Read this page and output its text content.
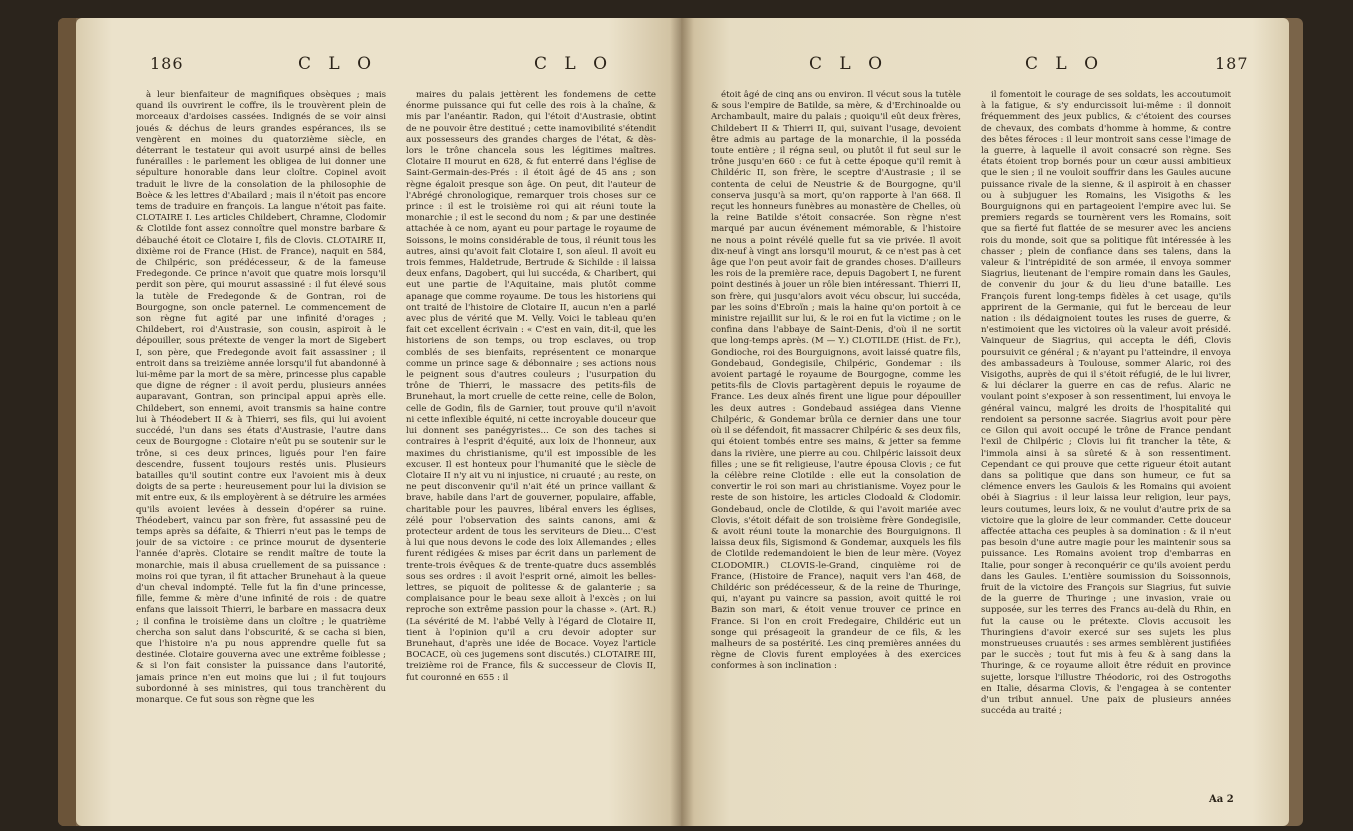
186	C L O	C L O

à leur bienfaiteur de magnifiques obsèques ; mais quand ils ouvrirent le coffre, ils le trouvèrent plein de morceaux d'ardoises cassées. Indignés de se voir ainsi joués & déchus de leurs grandes espérances, ils se vengèrent en moines du quatorzième siècle, en déterrant le testateur qui avoit usurpé ainsi de belles funérailles : le parlement les obligea de lui donner une sépulture honorable dans leur cloître. Copinel avoit traduit le livre de la consolation de la philosophie de Boèce & les lettres d'Abailard ; mais il n'étoit pas encore tems de traduire en françois. La langue n'étoit pas faite. CLOTAIRE I. Les articles Childebert, Chramne, Clodomir & Clotilde font assez connoître quel monstre barbare & débauché étoit ce Clotaire I, fils de Clovis. CLOTAIRE II, dixième roi de France (Hist. de France), naquit en 584, de Chilpéric, son prédécesseur, & de la fameuse Fredegonde. Ce prince n'avoit que quatre mois lorsqu'il perdit son père, qui mourut assassiné : il fut élevé sous la tutèle de Fredegonde & de Gontran, roi de Bourgogne, son oncle paternel. Le commencement de son règne fut agité par une infinité d'orages ; Childebert, roi d'Austrasie, son cousin, aspiroit à le dépouiller, sous prétexte de venger la mort de Sigebert I, son père, que Fredegonde avoit fait assassiner ; il entroit dans sa treizième année lorsqu'il fut abandonné à lui-même par la mort de sa mère, princesse plus capable que digne de régner : il avoit perdu, plusieurs années auparavant, Gontran, son principal appui après elle. Childebert, son ennemi, avoit transmis sa haine contre lui à Théodebert II & à Thierri, ses fils, qui lui avoient succédé, l'un dans ses états d'Austrasie, l'autre dans ceux de Bourgogne : Clotaire n'eût pu se soutenir sur le trône, si ces deux princes, ligués pour l'en faire descendre, fussent toujours restés unis. Plusieurs batailles qu'il soutint contre eux l'avoient mis à deux doigts de sa perte : heureusement pour lui la division se mit entre eux, & ils employèrent à se détruire les armées qu'ils avoient levées à dessein d'opérer sa ruine. Théodebert, vaincu par son frère, fut assassiné peu de temps après sa défaite, & Thierri n'eut pas le temps de jouir de sa victoire : ce prince mourut de dysenterie l'année d'après. Clotaire se rendit maître de toute la monarchie, mais il abusa cruellement de sa puissance : moins roi que tyran, il fit attacher Brunehaut à la queue d'un cheval indompté. Telle fut la fin d'une princesse, fille, femme & mère d'une infinité de rois : de quatre enfans que laissoit Thierri, le barbare en massacra deux ; il confina le troisième dans un cloître ; le quatrième chercha son salut dans l'obscurité, & se cacha si bien, que l'histoire n'a pu nous apprendre quelle fut sa destinée. Clotaire gouverna avec une extrême foiblesse ; & si l'on fait consister la puissance dans l'autorité, jamais prince n'en eut moins que lui ; il fut toujours subordonné à ses ministres, qui tous tranchèrent du monarque. Ce fut sous son règne que les

maires du palais jettèrent les fondemens de cette énorme puissance qui fut celle des rois à la chaîne, & mis par l'anéantir. Radon, qui l'étoit d'Austrasie, obtint de ne pouvoir être destitué ; cette inamovibilité s'étendit aux possesseurs des grandes charges de l'état, & dès-lors le trône chancela sous les légitimes maîtres. Clotaire II mourut en 628, & fut enterré dans l'église de Saint-Germain-des-Prés : il étoit âgé de 45 ans ; son règne égaloit presque son âge. On peut, dit l'auteur de l'Abrégé chronologique, remarquer trois choses sur ce prince : il est le troisième roi qui ait réuni toute la monarchie ; il est le second du nom ; & par une destinée attachée à ce nom, ayant eu pour partage le royaume de Soissons, le moins considérable de tous, il réunit tous les autres, ainsi qu'avoit fait Clotaire I, son aïeul. Il avoit eu trois femmes, Haldetrude, Bertrude & Sichilde : il laissa deux enfans, Dagobert, qui lui succéda, & Charibert, qui eut une partie de l'Aquitaine, mais plutôt comme apanage que comme royaume. De tous les historiens qui ont traité de l'histoire de Clotaire II, aucun n'en a parlé avec plus de vérité que M. Velly. Voici le tableau qu'en fait cet excellent écrivain : « C'est en vain, dit-il, que les historiens de son temps, ou trop esclaves, ou trop comblés de ses bienfaits, représentent ce monarque comme un prince sage & débonnaire ; ses actions nous le peignent sous d'autres couleurs ; l'usurpation du trône de Thierri, le massacre des petits-fils de Brunehaut, la mort cruelle de cette reine, celle de Bolon, celle de Godin, fils de Garnier, tout prouve qu'il n'avoit ni cette inflexible équité, ni cette incroyable douceur que lui donnent ses panégyristes... Ce son des taches si contraires à l'esprit d'équité, aux loix de l'honneur, aux maximes du christianisme, qu'il est impossible de les excuser. Il est honteux pour l'humanité que le siècle de Clotaire II n'y ait vu ni injustice, ni cruauté ; au reste, on ne peut disconvenir qu'il n'ait été un prince vaillant & brave, habile dans l'art de gouverner, populaire, affable, charitable pour les pauvres, libéral envers les églises, zélé pour l'observation des saints canons, ami & protecteur ardent de tous les serviteurs de Dieu... C'est à lui que nous devons le code des loix Allemandes ; elles furent rédigées & mises par écrit dans un parlement de trente-trois évêques & de trente-quatre ducs assemblés sous ses ordres : il avoit l'esprit orné, aimoit les belles-lettres, se piquoit de politesse & de galanterie ; sa complaisance pour le beau sexe alloit à l'excès ; on lui reproche son extrême passion pour la chasse ». (Art. R.) (La sévérité de M. l'abbé Velly à l'égard de Clotaire II, tient à l'opinion qu'il a cru devoir adopter sur Brunehaut, d'après une idée de Bocace. Voyez l'article BOCACE, où ces jugemens sont discutés.) CLOTAIRE III, treizième roi de France, fils & successeur de Clovis II, fut couronné en 655 : il

C L O	C L O	187

étoit âgé de cinq ans ou environ. Il vécut sous la tutèle & sous l'empire de Batilde, sa mère, & d'Erchinoalde ou Archambault, maire du palais ; quoiqu'il eût deux frères, Childebert II & Thierri II, qui, suivant l'usage, devoient être admis au partage de la monarchie, il la posséda toute entière ; il régna seul, ou plutôt il fut seul sur le trône jusqu'en 660 : ce fut à cette époque qu'il remit à Childéric II, son frère, le sceptre d'Austrasie ; il se contenta de celui de Neustrie & de Bourgogne, qu'il conserva jusqu'à sa mort, qu'on rapporte à l'an 668. Il reçut les honneurs funèbres au monastère de Chelles, où la reine Batilde s'étoit consacrée. Son règne n'est marqué par aucun événement mémorable, & l'histoire ne nous a point révélé quelle fut sa vie privée. Il avoit dix-neuf à vingt ans lorsqu'il mourut, & ce n'est pas à cet âge que l'on peut avoir fait de grandes choses. D'ailleurs les rois de la première race, depuis Dagobert I, ne furent point destinés à jouer un rôle bien intéressant. Thierri II, son frère, qui jusqu'alors avoit vécu obscur, lui succéda, par les soins d'Ebroïn ; mais la haine qu'on portoit à ce ministre rejaillit sur lui, & le roi en fut la victime ; on le confina dans l'abbaye de Saint-Denis, d'où il ne sortit que long-temps après. (M — Y.) CLOTILDE (Hist. de Fr.), Gondioche, roi des Bourguignons, avoit laissé quatre fils, Gondebaud, Gondegisile, Chilpéric, Gondemar : ils avoient partagé le royaume de Bourgogne, comme les petits-fils de Clovis partagèrent depuis le royaume de France. Les deux aînés firent une ligue pour dépouiller les deux autres : Gondebaud assiégea dans Vienne Chilpéric, & Gondemar brûla ce dernier dans une tour où il se défendoit, fit massacrer Chilpéric & ses deux fils, qui étoient tombés entre ses mains, & jetter sa femme dans la rivière, une pierre au cou. Chilpéric laissoit deux filles ; une se fit religieuse, l'autre épousa Clovis ; ce fut la célèbre reine Clotilde : elle eut la consolation de convertir le roi son mari au christianisme. Voyez pour le reste de son histoire, les articles Clodoald & Clodomir. Gondebaud, oncle de Clotilde, & qui l'avoit mariée avec Clovis, s'étoit défait de son troisième frère Gondegisile, & avoit réuni toute la monarchie des Bourguignons. Il laissa deux fils, Sigismond & Gondemar, auxquels les fils de Clotilde redemandoient le bien de leur mère. (Voyez CLODOMIR.) CLOVIS-le-Grand, cinquième roi de France, (Histoire de France), naquit vers l'an 468, de Childéric son prédécesseur, & de la reine de Thuringe, qui, n'ayant pu vaincre sa passion, avoit quitté le roi Bazin son mari, & étoit venue trouver ce prince en France. Si l'on en croit Fredegaire, Childéric eut un songe qui présageoit la grandeur de ce fils, & les malheurs de sa postérité. Les cinq premières années du règne de Clovis furent employées à des exercices conformes à son inclination :

il fomentoit le courage de ses soldats, les accoutumoit à la fatigue, & s'y endurcissoit lui-même : il donnoit fréquemment des jeux publics, & c'étoient des courses de chevaux, des combats d'homme à homme, & contre des bêtes féroces : il leur montroit sans cesse l'image de la guerre, à laquelle il avoit consacré son règne. Ses états étoient trop bornés pour un cœur aussi ambitieux que le sien ; il ne vouloit souffrir dans les Gaules aucune puissance rivale de la sienne, & il aspiroit à en chasser ou à subjuguer les Romains, les Visigoths & les Bourguignons qui en partageoient l'empire avec lui. Se premiers regards se tournèrent vers les Romains, soit que sa fierté fut flattée de se mesurer avec les anciens rois du monde, soit que sa politique fût intéressée à les chasser ; plein de confiance dans ses talens, dans la valeur & l'intrépidité de son armée, il envoya sommer Siagrius, lieutenant de l'empire romain dans les Gaules, de convenir du jour & du lieu d'une bataille. Les François furent long-temps fidèles à cet usage, qu'ils apprirent de la Germanie, qui fut le berceau de leur nation : ils dédaignoient toutes les ruses de guerre, & n'estimoient que les victoires où la valeur avoit présidé. Vainqueur de Siagrius, qui accepta le défi, Clovis poursuivit ce général ; & n'ayant pu l'atteindre, il envoya des ambassadeurs à Toulouse, sommer Alaric, roi des Visigoths, auprès de qui il s'étoit réfugié, de le lui livrer, & lui déclarer la guerre en cas de refus. Alaric ne voulant point s'exposer à son ressentiment, lui envoya le général vaincu, malgré les droits de l'hospitalité qui rendoient sa personne sacrée. Siagrius avoit pour père ce Gilon qui avoit occupé le trône de France pendant l'exil de Chilpéric ; Clovis lui fit trancher la tête, & l'immola ainsi à sa sûreté & à son ressentiment. Cependant ce qui prouve que cette rigueur étoit autant dans sa politique que dans son humeur, ce fut sa clémence envers les Gaulois & les Romains qui avoient obéi à Siagrius : il leur laissa leur religion, leur pays, leurs coutumes, leurs loix, & ne voulut d'autre prix de sa victoire que la gloire de leur commander. Cette douceur affectée attacha ces peuples à sa domination : & il n'eut pas besoin d'une autre magie pour les maintenir sous sa puissance. Les Romains avoient trop d'embarras en Italie, pour songer à reconquérir ce qu'ils avoient perdu dans les Gaules. L'entière soumission du Soissonnois, fruit de la victoire des François sur Siagrius, fut suivie de la guerre de Thuringe ; une invasion, vraie ou supposée, sur les terres des Francs au-delà du Rhin, en fut la cause ou le prétexte. Clovis accusoit les Thuringiens d'avoir exercé sur ses sujets les plus monstrueuses cruautés : ses armes semblèrent justifiées par le succès ; tout fut mis à feu & à sang dans la Thuringe, & ce royaume alloit être réduit en province sujette, lorsque l'illustre Théodoric, roi des Ostrogoths en Italie, désarma Clovis, & l'engagea à se contenter d'un tribut annuel. Une paix de plusieurs années succéda au traité ;

Aa 2
